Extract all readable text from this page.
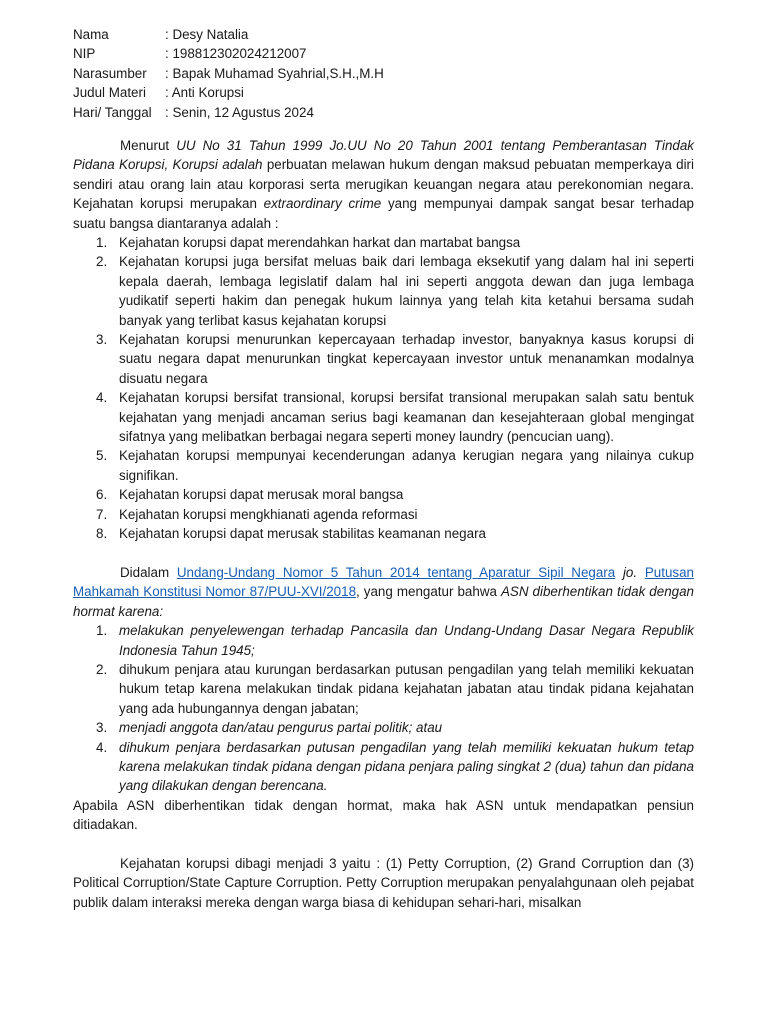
Nama	: Desy Natalia
NIP	: 198812302024212007
Narasumber	: Bapak Muhamad Syahrial,S.H.,M.H
Judul Materi	: Anti Korupsi
Hari/ Tanggal : Senin, 12 Agustus 2024

Menurut UU No 31 Tahun 1999 Jo.UU No 20 Tahun 2001 tentang Pemberantasan Tindak Pidana Korupsi, Korupsi adalah perbuatan melawan hukum dengan maksud pebuatan memperkaya diri sendiri atau orang lain atau korporasi serta merugikan keuangan negara atau perekonomian negara. Kejahatan korupsi merupakan extraordinary crime yang mempunyai dampak sangat besar terhadap suatu bangsa diantaranya adalah :

1. Kejahatan korupsi dapat merendahkan harkat dan martabat bangsa
2. Kejahatan korupsi juga bersifat meluas baik dari lembaga eksekutif yang dalam hal ini seperti kepala daerah, lembaga legislatif dalam hal ini seperti anggota dewan dan juga lembaga yudikatif seperti hakim dan penegak hukum lainnya yang telah kita ketahui bersama sudah banyak yang terlibat kasus kejahatan korupsi
3. Kejahatan korupsi menurunkan kepercayaan terhadap investor, banyaknya kasus korupsi di suatu negara dapat menurunkan tingkat kepercayaan investor untuk menanamkan modalnya disuatu negara
4. Kejahatan korupsi bersifat transional, korupsi bersifat transional merupakan salah satu bentuk kejahatan yang menjadi ancaman serius bagi keamanan dan kesejahteraan global mengingat sifatnya yang melibatkan berbagai negara seperti money laundry (pencucian uang).
5. Kejahatan korupsi mempunyai kecenderungan adanya kerugian negara yang nilainya cukup signifikan.
6. Kejahatan korupsi dapat merusak moral bangsa
7. Kejahatan korupsi mengkhianati agenda reformasi
8. Kejahatan korupsi dapat merusak stabilitas keamanan negara

Didalam Undang-Undang Nomor 5 Tahun 2014 tentang Aparatur Sipil Negara jo. Putusan Mahkamah Konstitusi Nomor 87/PUU-XVI/2018, yang mengatur bahwa ASN diberhentikan tidak dengan hormat karena:

1. melakukan penyelewengan terhadap Pancasila dan Undang-Undang Dasar Negara Republik Indonesia Tahun 1945;
2. dihukum penjara atau kurungan berdasarkan putusan pengadilan yang telah memiliki kekuatan hukum tetap karena melakukan tindak pidana kejahatan jabatan atau tindak pidana kejahatan yang ada hubungannya dengan jabatan;
3. menjadi anggota dan/atau pengurus partai politik; atau
4. dihukum penjara berdasarkan putusan pengadilan yang telah memiliki kekuatan hukum tetap karena melakukan tindak pidana dengan pidana penjara paling singkat 2 (dua) tahun dan pidana yang dilakukan dengan berencana.

Apabila ASN diberhentikan tidak dengan hormat, maka hak ASN untuk mendapatkan pensiun ditiadakan.

Kejahatan korupsi dibagi menjadi 3 yaitu : (1) Petty Corruption, (2) Grand Corruption dan (3) Political Corruption/State Capture Corruption. Petty Corruption merupakan penyalahgunaan oleh pejabat publik dalam interaksi mereka dengan warga biasa di kehidupan sehari-hari, misalkan
